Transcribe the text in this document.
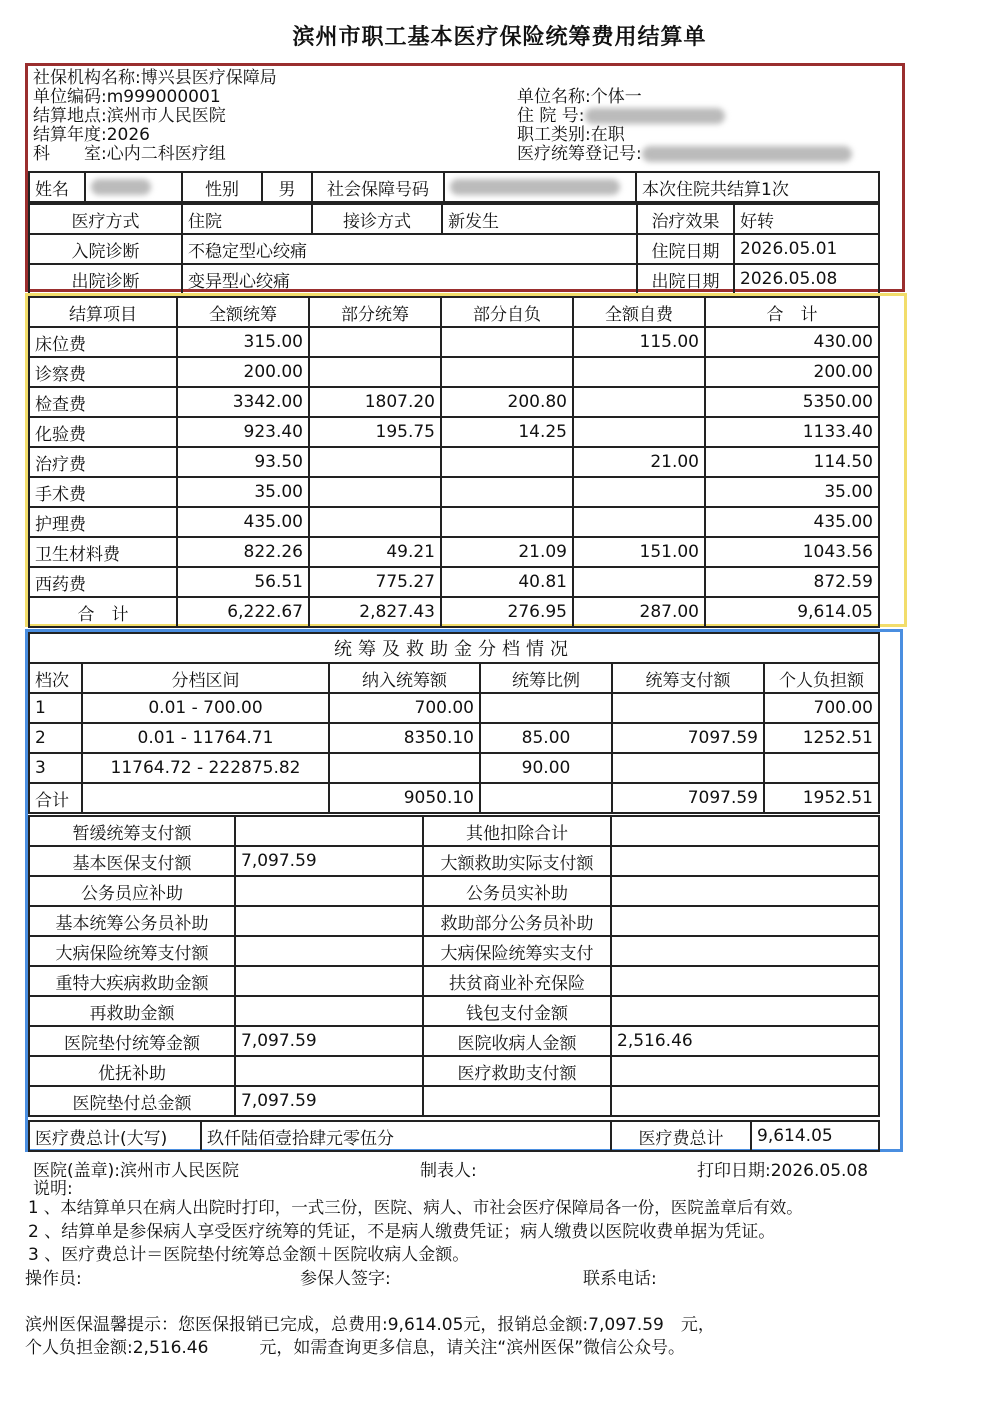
滨州市职工基本医疗保险统筹费用结算单
社保机构名称:博兴县医疗保障局
单位编码:m999000001
结算地点:滨州市人民医院
结算年度:2026
科　　室:心内二科医疗组
单位名称:个体一
住 院 号:
职工类别:在职
医疗统筹登记号:
姓名		性别	男	社会保障号码		本次住院共结算1次
医疗方式	住院	接诊方式	新发生	治疗效果	好转
入院诊断	不稳定型心绞痛			住院日期	2026.05.01
出院诊断	变异型心绞痛			出院日期	2026.05.08
结算项目	全额统筹	部分统筹	部分自负	全额自费	合　计
床位费	315.00			115.00	430.00
诊察费	200.00				200.00
检查费	3342.00	1807.20	200.80		5350.00
化验费	923.40	195.75	14.25		1133.40
治疗费	93.50			21.00	114.50
手术费	35.00				35.00
护理费	435.00				435.00
卫生材料费	822.26	49.21	21.09	151.00	1043.56
西药费	56.51	775.27	40.81		872.59
合　计	6,222.67	2,827.43	276.95	287.00	9,614.05
统筹及救助金分档情况					
档次	分档区间	纳入统筹额	统筹比例	统筹支付额	个人负担额
1	0.01 - 700.00	700.00			700.00
2	0.01 - 11764.71	8350.10	85.00	7097.59	1252.51
3	11764.72 - 222875.82		90.00		
合计		9050.10		7097.59	1952.51
暂缓统筹支付额		其他扣除合计	
基本医保支付额	7,097.59	大额救助实际支付额	
公务员应补助		公务员实补助	
基本统筹公务员补助		救助部分公务员补助	
大病保险统筹支付额		大病保险统筹实支付	
重特大疾病救助金额		扶贫商业补充保险	
再救助金额		钱包支付金额	
医院垫付统筹金额	7,097.59	医院收病人金额	2,516.46
优抚补助		医疗救助支付额	
医院垫付总金额	7,097.59		
医疗费总计(大写)	玖仟陆佰壹拾肆元零伍分	医疗费总计	9,614.05
医院(盖章):滨州市人民医院	制表人:	打印日期:2026.05.08
说明:
1 、本结算单只在病人出院时打印，一式三份，医院、病人、市社会医疗保障局各一份，医院盖章后有效。
2 、结算单是参保病人享受医疗统筹的凭证，不是病人缴费凭证；病人缴费以医院收费单据为凭证。
3 、医疗费总计＝医院垫付统筹总金额＋医院收病人金额。
操作员:	参保人签字:	联系电话:
滨州医保温馨提示：您医保报销已完成，总费用:9,614.05元，报销总金额:7,097.59　元，
个人负担金额:2,516.46　　　元，如需查询更多信息，请关注“滨州医保”微信公众号。
